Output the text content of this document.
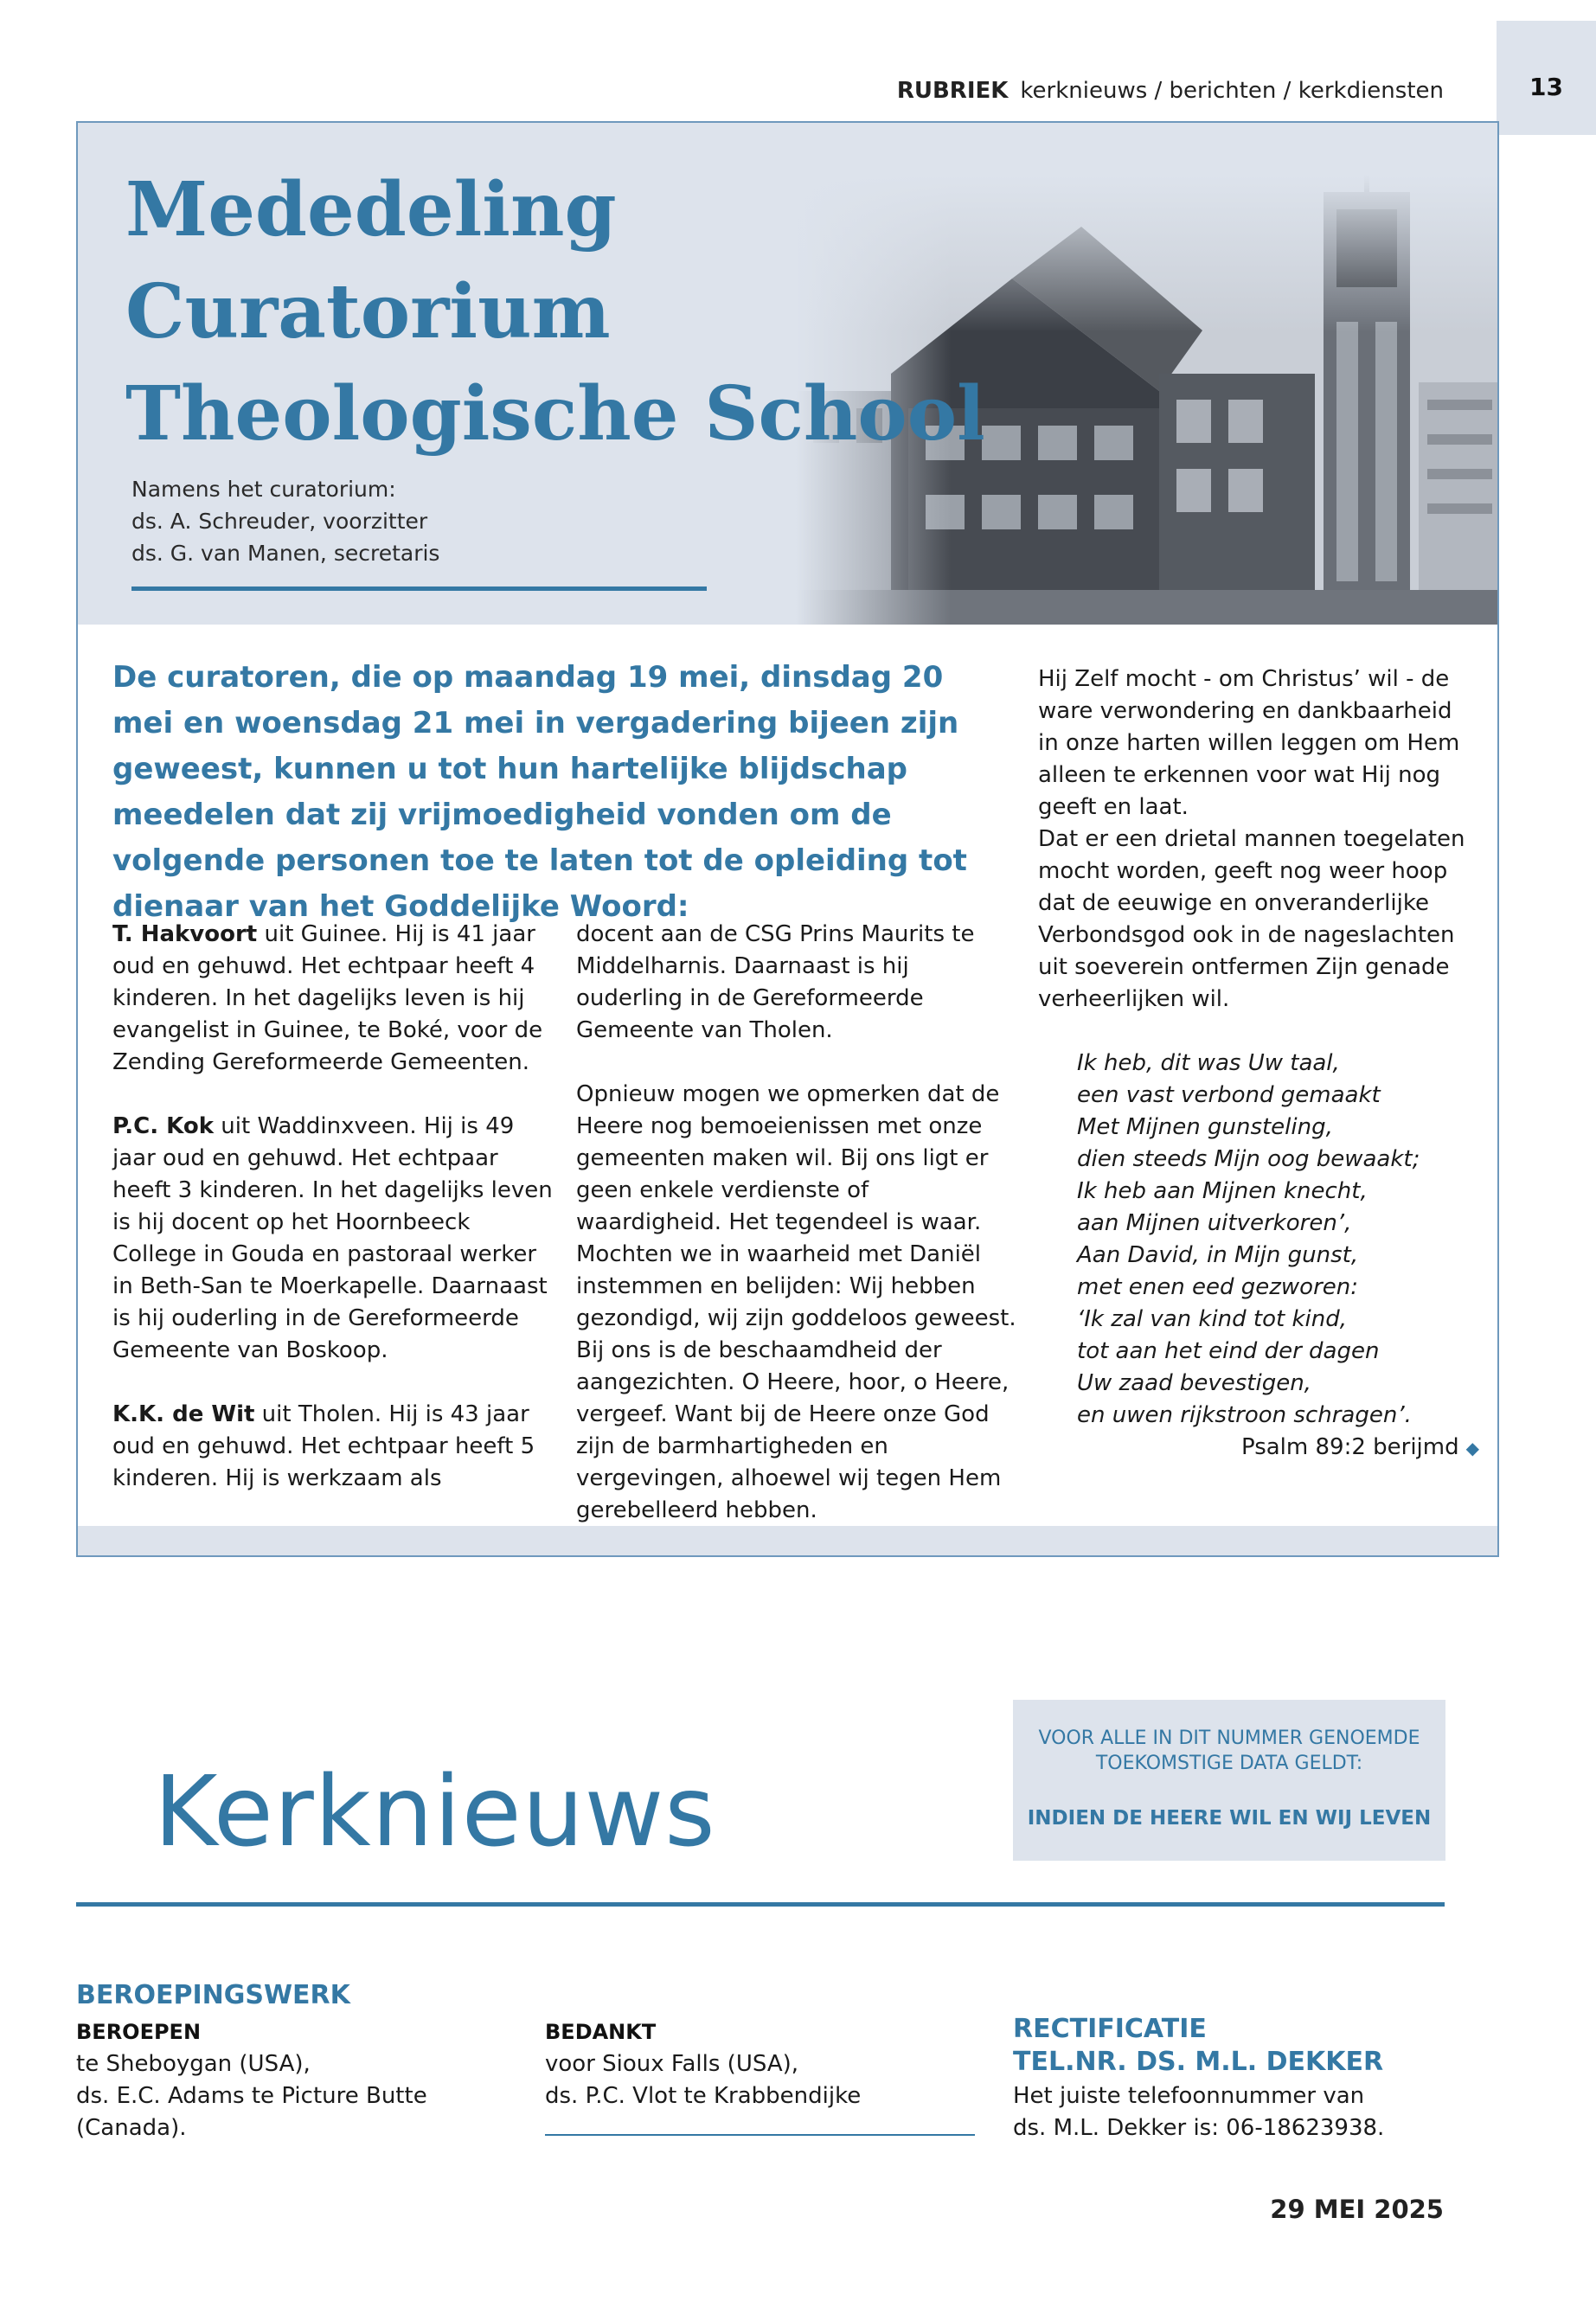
13
RUBRIEK kerknieuws / berichten / kerkdiensten
Mededeling Curatorium
Theologische School
Namens het curatorium:
ds. A. Schreuder, voorzitter
ds. G. van Manen, secretaris

De curatoren, die op maandag 19 mei, dinsdag 20 mei en woensdag 21 mei in vergadering bijeen zijn geweest, kunnen u tot hun hartelijke blijdschap meedelen dat zij vrijmoedigheid vonden om de volgende personen toe te laten tot de opleiding tot dienaar van het Goddelijke Woord:

T. Hakvoort uit Guinee. Hij is 41 jaar oud en gehuwd. Het echtpaar heeft 4 kinderen. In het dagelijks leven is hij evangelist in Guinee, te Boké, voor de Zending Gereformeerde Gemeenten.

P.C. Kok uit Waddinxveen. Hij is 49 jaar oud en gehuwd. Het echtpaar heeft 3 kinderen. In het dagelijks leven is hij docent op het Hoornbeeck College in Gouda en pastoraal werker in Beth-San te Moerkapelle. Daarnaast is hij ouderling in de Gereformeerde Gemeente van Boskoop.

K.K. de Wit uit Tholen. Hij is 43 jaar oud en gehuwd. Het echtpaar heeft 5 kinderen. Hij is werkzaam als

docent aan de CSG Prins Maurits te Middelharnis. Daarnaast is hij ouderling in de Gereformeerde Gemeente van Tholen.

Opnieuw mogen we opmerken dat de Heere nog bemoeienissen met onze gemeenten maken wil. Bij ons ligt er geen enkele verdienste of waardigheid. Het tegendeel is waar. Mochten we in waarheid met Daniël instemmen en belijden: Wij hebben gezondigd, wij zijn goddeloos geweest. Bij ons is de beschaamdheid der aangezichten. O Heere, hoor, o Heere, vergeef. Want bij de Heere onze God zijn de barmhartigheden en vergevingen, alhoewel wij tegen Hem gerebelleerd hebben.

Hij Zelf mocht - om Christus’ wil - de ware verwondering en dankbaarheid in onze harten willen leggen om Hem alleen te erkennen voor wat Hij nog geeft en laat.

Dat er een drietal mannen toegelaten mocht worden, geeft nog weer hoop dat de eeuwige en onveranderlijke Verbondsgod ook in de nageslachten uit soeverein ontfermen Zijn genade verheerlijken wil.

Ik heb, dit was Uw taal,
een vast verbond gemaakt
Met Mijnen gunsteling,
dien steeds Mijn oog bewaakt;
Ik heb aan Mijnen knecht,
aan Mijnen uitverkoren’,
Aan David, in Mijn gunst,
met enen eed gezworen:
‘Ik zal van kind tot kind,
tot aan het eind der dagen
Uw zaad bevestigen,
en uwen rijkstroon schragen’.
Psalm 89:2 berijmd ◆
Kerknieuws
VOOR ALLE IN DIT NUMMER GENOEMDE
TOEKOMSTIGE DATA GELDT:
INDIEN DE HEERE WIL EN WIJ LEVEN
BEROEPINGSWERK
BEROEPEN
te Sheboygan (USA),
ds. E.C. Adams te Picture Butte
(Canada).
BEDANKT
voor Sioux Falls (USA),
ds. P.C. Vlot te Krabbendijke
RECTIFICATIE
TEL.NR. DS. M.L. DEKKER
Het juiste telefoonnummer van
ds. M.L. Dekker is: 06-18623938.
29 MEI 2025
